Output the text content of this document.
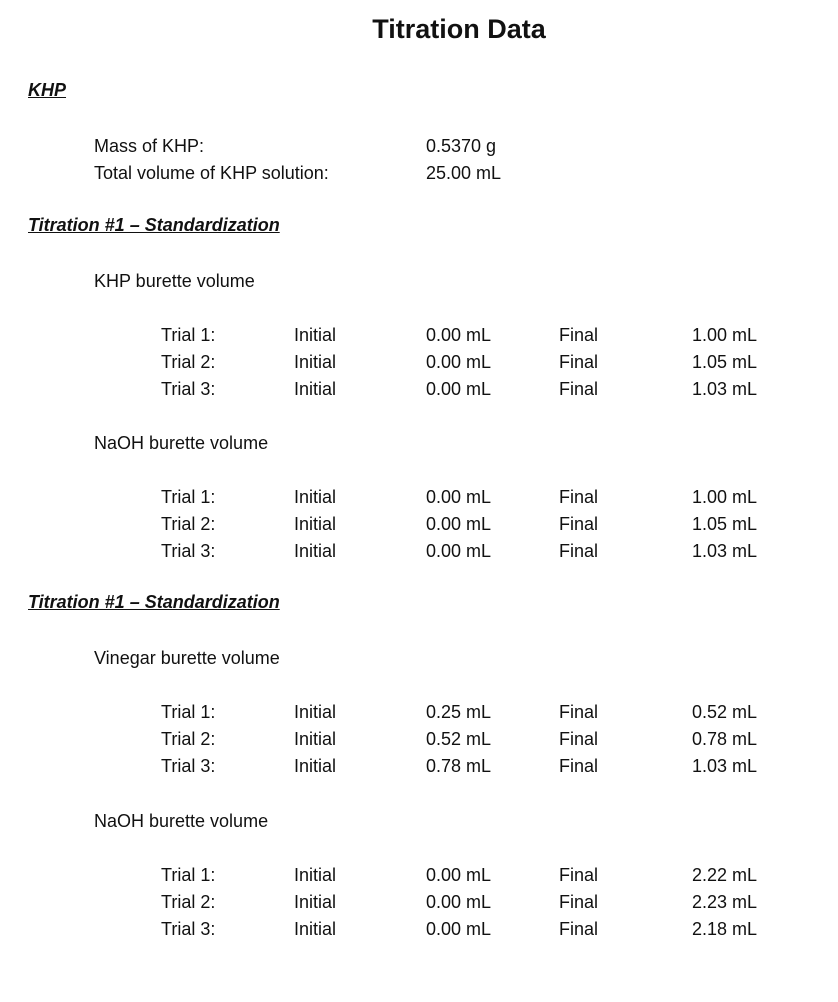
Titration Data
KHP
Mass of KHP:	0.5370 g
Total volume of KHP solution:	25.00 mL
Titration #1 – Standardization
KHP burette volume
Trial 1:	Initial	0.00 mL	Final	1.00 mL
Trial 2:	Initial	0.00 mL	Final	1.05 mL
Trial 3:	Initial	0.00 mL	Final	1.03 mL
NaOH burette volume
Trial 1:	Initial	0.00 mL	Final	1.00 mL
Trial 2:	Initial	0.00 mL	Final	1.05 mL
Trial 3:	Initial	0.00 mL	Final	1.03 mL
Titration #1 – Standardization
Vinegar burette volume
Trial 1:	Initial	0.25 mL	Final	0.52 mL
Trial 2:	Initial	0.52 mL	Final	0.78 mL
Trial 3:	Initial	0.78 mL	Final	1.03 mL
NaOH burette volume
Trial 1:	Initial	0.00 mL	Final	2.22 mL
Trial 2:	Initial	0.00 mL	Final	2.23 mL
Trial 3:	Initial	0.00 mL	Final	2.18 mL
